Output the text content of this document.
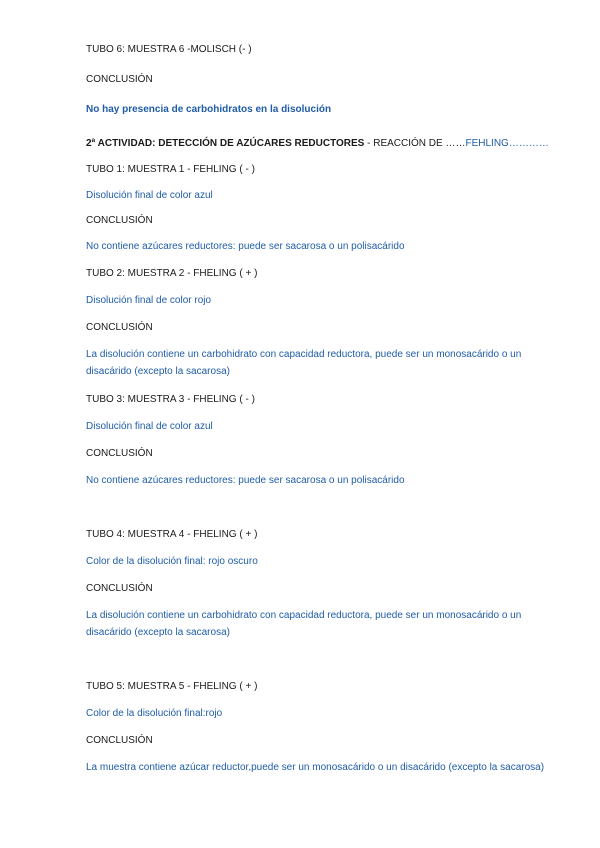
TUBO 6: MUESTRA 6 -MOLISCH (- )
CONCLUSIÓN
No hay presencia de carbohidratos en la disolución
2ª ACTIVIDAD: DETECCIÓN DE AZÚCARES REDUCTORES - REACCIÓN DE ……FEHLING…………
TUBO 1: MUESTRA 1 - FEHLING ( - )
Disolución final de color azul
CONCLUSIÓN
No contiene azúcares reductores: puede ser sacarosa o un polisacárido
TUBO 2: MUESTRA 2 - FHELING ( + )
Disolución final de color rojo
CONCLUSIÓN
La disolución contiene un carbohidrato con capacidad reductora, puede ser un monosacárido o un disacárido (excepto la sacarosa)
TUBO 3: MUESTRA 3 - FHELING ( - )
Disolución final de color azul
CONCLUSIÓN
No contiene azúcares reductores: puede ser sacarosa o un polisacárido
TUBO 4: MUESTRA 4 - FHELING ( + )
Color de la disolución final: rojo oscuro
CONCLUSIÓN
La disolución contiene un carbohidrato con capacidad reductora, puede ser un monosacárido o un disacárido (excepto la sacarosa)
TUBO 5: MUESTRA 5 - FHELING ( + )
Color de la disolución final:rojo
CONCLUSIÓN
La muestra contiene azúcar reductor,puede ser un monosacárido o un disacárido (excepto la sacarosa)
